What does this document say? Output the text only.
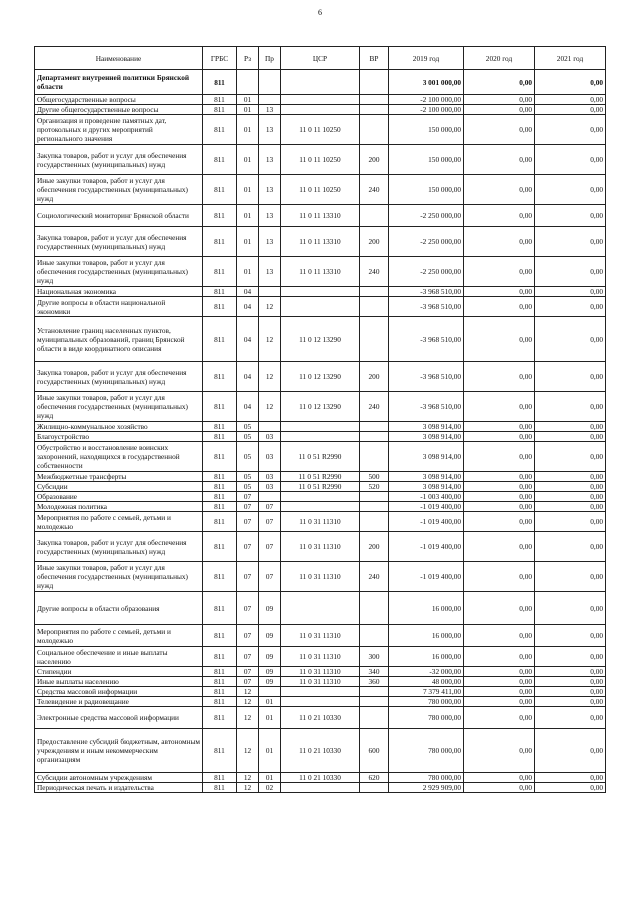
6
Наименование	ГРБС	Рз	Пр	ЦСР	ВР	2019 год	2020 год	2021 год
Департамент внутренней политики Брянской области	811					3 001 000,00	0,00	0,00
Общегосударственные вопросы	811	01				-2 100 000,00	0,00	0,00
Другие общегосударственные вопросы	811	01	13			-2 100 000,00	0,00	0,00
Организация и проведение памятных дат, протокольных и других мероприятий регионального значения	811	01	13	11 0 11 10250		150 000,00	0,00	0,00
Закупка товаров, работ и услуг для обеспечения государственных (муниципальных) нужд	811	01	13	11 0 11 10250	200	150 000,00	0,00	0,00
Иные закупки товаров, работ и услуг для обеспечения государственных (муниципальных) нужд	811	01	13	11 0 11 10250	240	150 000,00	0,00	0,00
Социологический мониторинг Брянской области	811	01	13	11 0 11 13310		-2 250 000,00	0,00	0,00
Закупка товаров, работ и услуг для обеспечения государственных (муниципальных) нужд	811	01	13	11 0 11 13310	200	-2 250 000,00	0,00	0,00
Иные закупки товаров, работ и услуг для обеспечения государственных (муниципальных) нужд	811	01	13	11 0 11 13310	240	-2 250 000,00	0,00	0,00
Национальная экономика	811	04				-3 968 510,00	0,00	0,00
Другие вопросы в области национальной экономики	811	04	12			-3 968 510,00	0,00	0,00
Установление границ населенных пунктов, муниципальных образований, границ Брянской области в виде координатного описания	811	04	12	11 0 12 13290		-3 968 510,00	0,00	0,00
Закупка товаров, работ и услуг для обеспечения государственных (муниципальных) нужд	811	04	12	11 0 12 13290	200	-3 968 510,00	0,00	0,00
Иные закупки товаров, работ и услуг для обеспечения государственных (муниципальных) нужд	811	04	12	11 0 12 13290	240	-3 968 510,00	0,00	0,00
Жилищно-коммунальное хозяйство	811	05				3 098 914,00	0,00	0,00
Благоустройство	811	05	03			3 098 914,00	0,00	0,00
Обустройство и восстановление воинских захоронений, находящихся в государственной собственности	811	05	03	11 0 51 R2990		3 098 914,00	0,00	0,00
Межбюджетные трансферты	811	05	03	11 0 51 R2990	500	3 098 914,00	0,00	0,00
Субсидии	811	05	03	11 0 51 R2990	520	3 098 914,00	0,00	0,00
Образование	811	07				-1 003 400,00	0,00	0,00
Молодежная политика	811	07	07			-1 019 400,00	0,00	0,00
Мероприятия по работе с семьей, детьми и молодежью	811	07	07	11 0 31 11310		-1 019 400,00	0,00	0,00
Закупка товаров, работ и услуг для обеспечения государственных (муниципальных) нужд	811	07	07	11 0 31 11310	200	-1 019 400,00	0,00	0,00
Иные закупки товаров, работ и услуг для обеспечения государственных (муниципальных) нужд	811	07	07	11 0 31 11310	240	-1 019 400,00	0,00	0,00
Другие вопросы в области образования	811	07	09			16 000,00	0,00	0,00
Мероприятия по работе с семьей, детьми и молодежью	811	07	09	11 0 31 11310		16 000,00	0,00	0,00
Социальное обеспечение и иные выплаты населению	811	07	09	11 0 31 11310	300	16 000,00	0,00	0,00
Стипендии	811	07	09	11 0 31 11310	340	-32 000,00	0,00	0,00
Иные выплаты населению	811	07	09	11 0 31 11310	360	48 000,00	0,00	0,00
Средства массовой информации	811	12				7 379 411,00	0,00	0,00
Телевидение и радиовещание	811	12	01			780 000,00	0,00	0,00
Электронные средства массовой информации	811	12	01	11 0 21 10330		780 000,00	0,00	0,00
Предоставление субсидий бюджетным, автономным учреждениям и иным некоммерческим организациям	811	12	01	11 0 21 10330	600	780 000,00	0,00	0,00
Субсидии автономным учреждениям	811	12	01	11 0 21 10330	620	780 000,00	0,00	0,00
Периодическая печать и издательства	811	12	02			2 929 909,00	0,00	0,00
